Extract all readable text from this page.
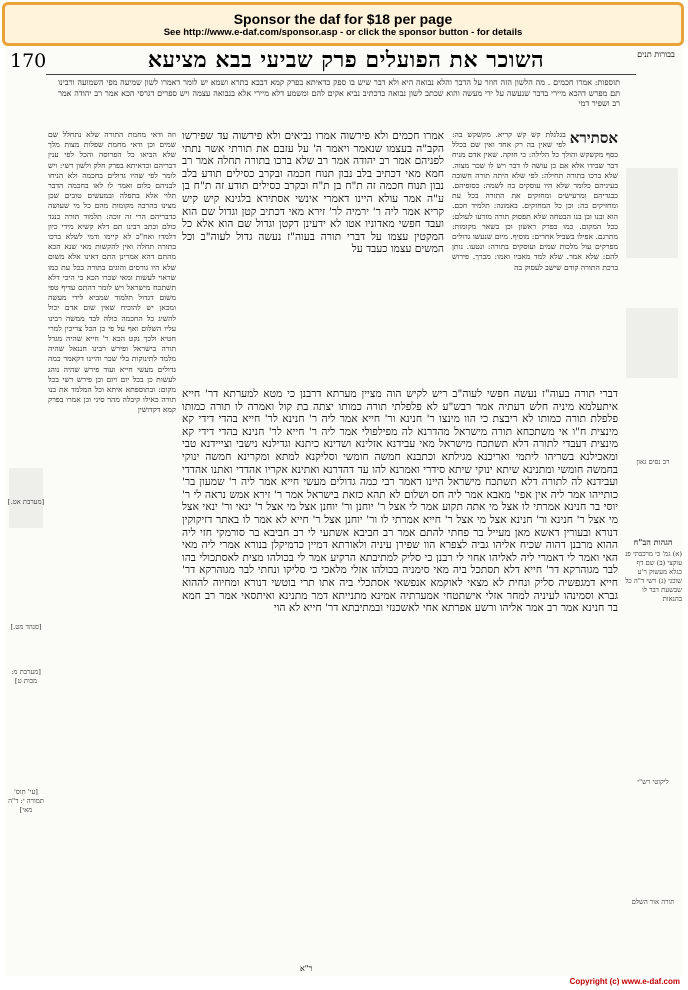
Sponsor the daf for $18 per page
See http://www.e-daf.com/sponsor.asp - or click the sponsor button - for details
170	השוכר את הפועלים פרק שביעי בבא מציעא	בבורות תנים
תוספות: אמרו חכמים . מה הלשון הזה חוזר על הדבר והלא נבואה היא ולא דבר שיש בו ספק כדאיתא בפרק קמא דבבא בתרא ושמא יש לומר דאמרו לשון שמיעה מפי השמועה ורבינו תם מפרש דהכא מיירי בדבר שנעשה על ידי מעשה והוא שכתב לשון נבואה כדכתיב נביא אקים להם ומשמע דלא מיירי אלא בנבואה עצמה ויש ספרים דגרסי הכא אמר רב יהודה אמר רב ושפיר דמי
אסתירא
בגלגלת קש קש קריא. מקשקש בה: לפי שאין בה רק אחד ואין שם בכלל כסף מקשקש והולך כל הלילה: כי חזקה. שאין אדם מניח דבר שבידו אלא אם כן עושה לו דבר ויש לו שכר מצוה. שלא ברכו בתורה תחילה: לפי שלא היתה תורה חשובה בעיניהם כלומר שלא היו עוסקים בה לשמה: כסופיהם. כבגדיהם ומרעישים ומחזקים את התורה בכל עת ומחזיקים בה: וכן כל המחזקים. באמונה: תלמיד חכם. הוא ובנו ובן בנו הבטחה שלא תפסוק תורה מזרעו לעולם: ככל המקום. כמו בפרק ראשון וכן בשאר מקומות: מתרגם. אפילו בשביל אחרים: מוסיף. מיום שנעשו גדולים מפרקים עול מלכות שמים ועוסקים בתורה: ונטעו. נותן להם: שלא אמר. שלא למד מאביו ואמו: מברך. פירוש ברכת התורה קודם שישב לעסוק בה
אמרו חכמים ולא פירשוה אמרו נביאים ולא פירשוה עד שפירשו הקב"ה בעצמו שנאמר ויאמר ה' על עזבם את תורתי אשר נתתי לפניהם אמר רב יהודה אמר רב שלא ברכו בתורה תחלה אמר רב חמא מאי דכתיב בלב נבון תנוח חכמה ובקרב כסילים תודע בלב נבון תנוח חכמה זה ת"ח בן ת"ח ובקרב כסילים תודע זה ת"ח בן ע"ה אמר עולא היינו דאמרי אינשי אסתירא בלגינא קיש קיש קריא אמר ליה ר' ירמיה לר' זירא מאי דכתיב קטן וגדול שם הוא ועבד חפשי מאדוניו אטו לא ידעינן דקטן וגדול שם הוא אלא כל המקטין עצמו על דברי תורה בעוה"ז נעשה גדול לעוה"ב וכל המשים עצמו כעבד על
דברי תורה בעוה"ז נעשה חפשי לעוה"ב ריש לקיש הוה מציין מערתא דרבנן כי מטא למערתא דר' חייא איתעלמא מיניה חלש דעתיה אמר רבש"ע לא פלפלתי תורה כמותו יצתה בת קול ואמרה לו תורה כמותו פלפלת תורה כמותו לא ריבצת כי הוו מינצו ר' חנינא ור' חייא אמר ליה ר' חנינא לר' חייא בהדי דידי קא מינצית ח"ו אי משתכחא תורה מישראל מהדרנא לה מפילפולי אמר ליה ר' חייא לר' חנינא בהדי דידי קא מינצית דעבדי לתורה דלא תשתכח מישראל מאי עבידנא אזלינא ושדינא כיתנא וגדילנא נישבי וצייידנא טבי ומאכילנא בשריהו ליתמי ואריכנא מגילתא וכתבנא חמשה חומשי וסליקנא למתא ומקרינא חמשה ינוקי בחמשה חומשי ומתנינא שיתא ינוקי שיתא סידרי ואמרנא להו עד דהדרנא ואתינא אקריו אהדדי ואתנו אהדדי ועבידנא לה לתורה דלא תשתכח מישראל היינו דאמר רבי כמה גדולים מעשי חייא אמר ליה ר' שמעון בר' כותייהו אמר ליה אין אפי' מאבא אמר ליה חס ושלום לא תהא כזאת בישראל אמר ר' זירא אמש נראה לי ר' יוסי בר חנינא אמרתי לו אצל מי אתה תקוע אמר לי אצל ר' יוחנן ור' יוחנן אצל מי אצל ר' ינאי ור' ינאי אצל מי אצל ר' חנינא ור' חנינא אצל מי אצל ר' חייא אמרתי לו ור' יוחנן אצל ר' חייא לא אמר לו באתר דזיקוקין דנורא ובעורין דאשא מאן מעייל בר פחתי להתם אמר רב חביבא אשתעי לי רב חביבא בר סורמקי חזי ליה ההוא מרבנן דהוה שכיח אליהו גביה לצפרא הוו שפירן עיניה ולאורתא דמיין כדמיקלן בנורא אמרי ליה מאי האי ואמר לי דאמרי ליה לאליהו אחוי לי רבנן כי סליק למתיבתא הרקיע אמר לי בכולהו מצית לאסתכולי בהו לבר מגוהרקא דר' חייא דלא תסתכל ביה מאי סימניה בכולהו אזלי מלאכי כי סליקו ונחתי לבר מגוהרקא דר' חייא דמגפשיה סליק ונחית לא מצאי לאוקמא אנפשאי אסתכלי ביה אתו תרי בוטשי דנורא ומחיוה לההוא גברא וסמינהו לעיניה למחר אזלי אישתטחי אמערתיה אמינא מתנייתא דמר מתנינא ואיתסאי אמר רב חמא בר חנינא אמר רב אמר אליהו ורשע אפרתא אחי לאשכנזי ובמתיבתא דר' חייא לא הוי
וזה ודאי מחמת התורה שלא נתחלל שם שמים וכן ודאי מחמת שפלות מצות מלך שלא הביאו כל הפרוסה והכל לפי ענין דבריהם וכדאיתא בפרק חלק ולשון רשי: ויש לומר לפי שהיו גדולים בחכמה ולא הניחו לבניהם כלום ואמר לו לאו בחכמה הדבר תלוי אלא בתפלה ובמעשים טובים שכן מצינו בהרבה מקומות מהם כל מי שעושה כדבריהם הרי זה זוכה: תלמוד תורה כנגד כולם וכתב רבינו תם דלא קשיא מידי כיון דלמדו ואח"כ לא קיימו ודמי לשלא ברכו בתורה תחלה ואין להקשות מאי שנא הכא מהתם דהא אמרינן התם דאינו אלא משום שלא היו גורסים והוגים בתורה בכל עת כמו שראוי לעשות ומאי שכרו הכא כי היכי דלא תשתכח מישראל ויש לומר דהתם עדיף טפי משום דגדול תלמוד שמביא לידי מעשה ומכאן יש להוכיח שאין שום אדם יכול להשיג כל החכמה כולה לבד ממשה רבינו עליו השלום ואף על פי כן הכל צריכין למרי חטיא ולכך נקט הכא ר' חייא שהיה מגדל תורה בישראל ופירש רבינו חננאל שהיה מלמד לתינוקות בלי שכר והיינו דקאמר כמה גדולים מעשי חייא ועוד פירש שהיה נוהג לעשות כן בכל יום ויום וכן פירש רשי בכל מקום: ובתוספתא איתא וכל המלמד את בנו תורה כאילו קיבלה מהר סיני וכן אמרו בפרק קמא דקדושין
[מערבת אט.]
[סנהד מט.]
[מערבת מ: מכות ט]
[עי' תוס' תמורה י: ד"ה מאי]
הגהות הב"ח
(א) גמ' כי מרכבתי פנ עוקצי (ב) שם דף כגלא מעשוק ר'ע שוכני (ג) רשי ד"ה כל שבשעת דבר לו בהנאות
רב נסים גאון
ליקוטי רש"י
תורה אור השלם
ר"א
Copyright (c) www.e-daf.com
